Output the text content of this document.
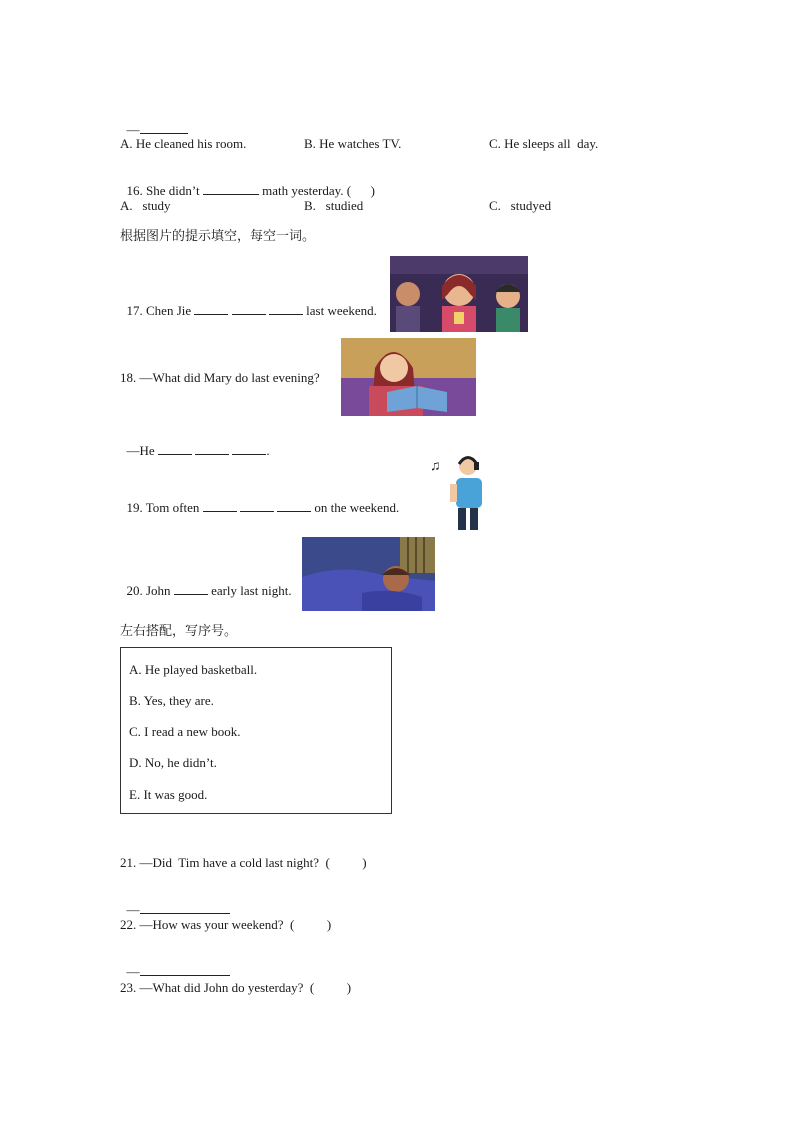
—

A. He cleaned his room.	B. He watches TV.	C. He sleeps all  day.

16. She didn’t	math yesterday. (      )

A.   study	B.   studied	C.   studyed
根据图片的提示填空，每空一词。

17. Chen Jie	last weekend.

18. —What did Mary do last evening?

—He	.

19. Tom often	on the weekend.

♫

20. John	early last night.

左右搭配，写序号。
A. He played basketball.
B. Yes, they are.
C. I read a new book.
D. No, he didn’t.
E. It was good.
21. —Did  Tim have a cold last night?  (          )

—

22. —How was your weekend?  (          )

—

23. —What did John do yesterday?  (          )
